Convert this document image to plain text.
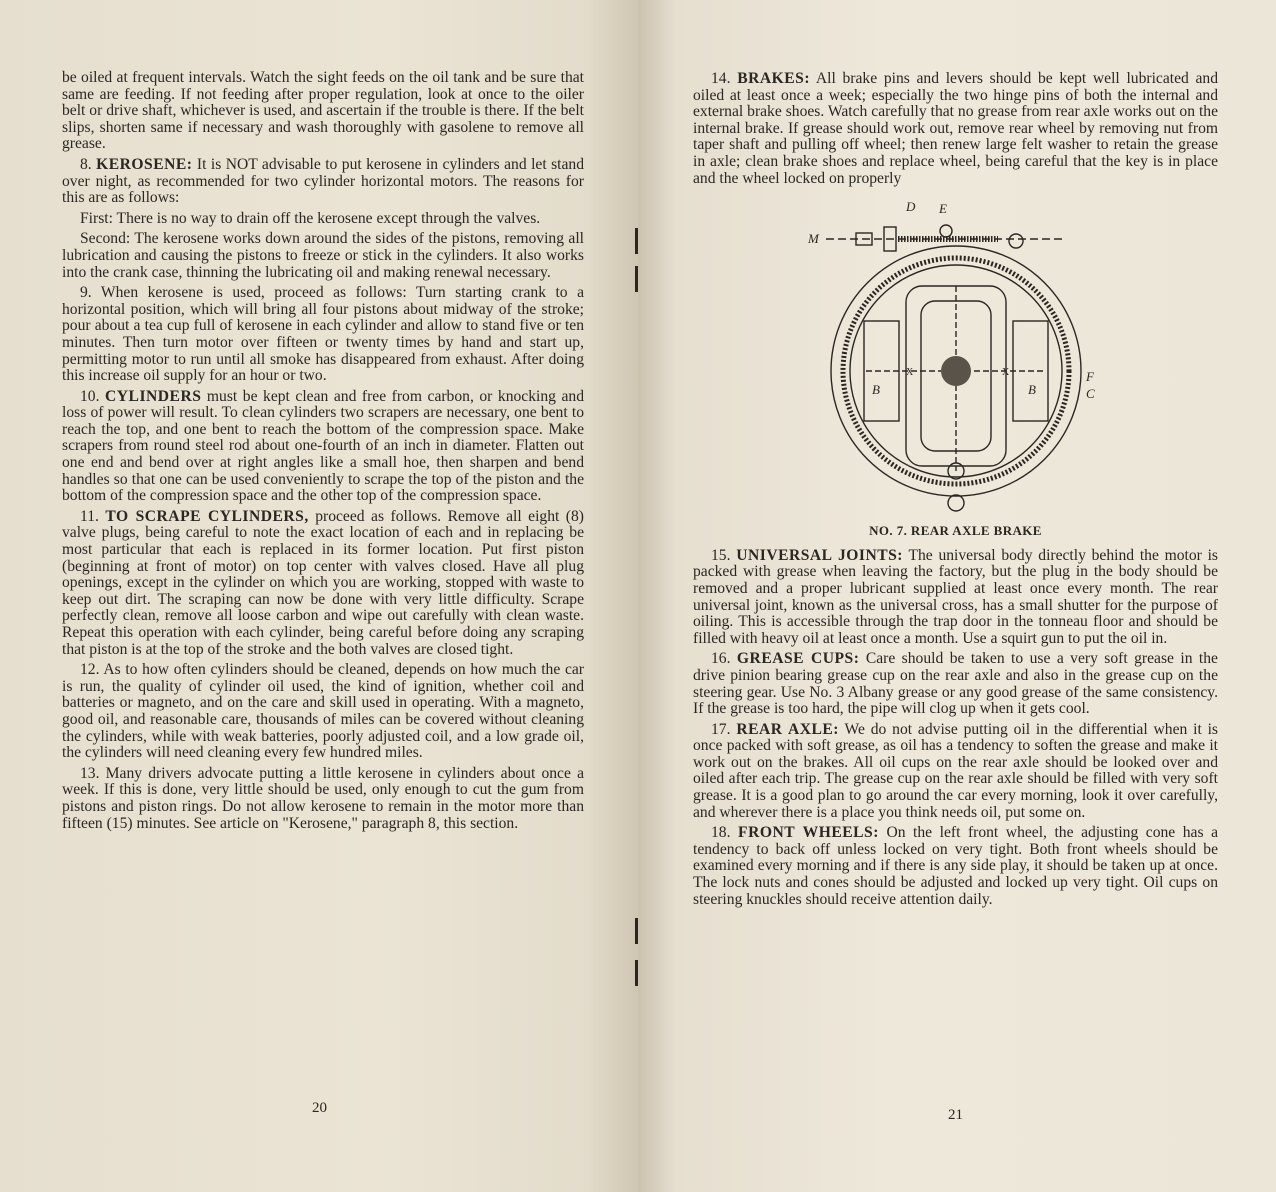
be oiled at frequent intervals. Watch the sight feeds on the oil tank and be sure that same are feeding. If not feeding after proper regulation, look at once to the oiler belt or drive shaft, whichever is used, and ascertain if the trouble is there. If the belt slips, shorten same if necessary and wash thoroughly with gasolene to remove all grease.

8. KEROSENE: It is NOT advisable to put kerosene in cylinders and let stand over night, as recommended for two cylinder horizontal motors. The reasons for this are as follows:

First: There is no way to drain off the kerosene except through the valves.

Second: The kerosene works down around the sides of the pistons, removing all lubrication and causing the pistons to freeze or stick in the cylinders. It also works into the crank case, thinning the lubricating oil and making renewal necessary.

9. When kerosene is used, proceed as follows: Turn starting crank to a horizontal position, which will bring all four pistons about midway of the stroke; pour about a tea cup full of kerosene in each cylinder and allow to stand five or ten minutes. Then turn motor over fifteen or twenty times by hand and start up, permitting motor to run until all smoke has disappeared from exhaust. After doing this increase oil supply for an hour or two.

10. CYLINDERS must be kept clean and free from carbon, or knocking and loss of power will result. To clean cylinders two scrapers are necessary, one bent to reach the top, and one bent to reach the bottom of the compression space. Make scrapers from round steel rod about one-fourth of an inch in diameter. Flatten out one end and bend over at right angles like a small hoe, then sharpen and bend handles so that one can be used conveniently to scrape the top of the piston and the bottom of the compression space and the other top of the compression space.

11. TO SCRAPE CYLINDERS, proceed as follows. Remove all eight (8) valve plugs, being careful to note the exact location of each and in replacing be most particular that each is replaced in its former location. Put first piston (beginning at front of motor) on top center with valves closed. Have all plug openings, except in the cylinder on which you are working, stopped with waste to keep out dirt. The scraping can now be done with very little difficulty. Scrape perfectly clean, remove all loose carbon and wipe out carefully with clean waste. Repeat this operation with each cylinder, being careful before doing any scraping that piston is at the top of the stroke and the both valves are closed tight.

12. As to how often cylinders should be cleaned, depends on how much the car is run, the quality of cylinder oil used, the kind of ignition, whether coil and batteries or magneto, and on the care and skill used in operating. With a magneto, good oil, and reasonable care, thousands of miles can be covered without cleaning the cylinders, while with weak batteries, poorly adjusted coil, and a low grade oil, the cylinders will need cleaning every few hundred miles.

13. Many drivers advocate putting a little kerosene in cylinders about once a week. If this is done, very little should be used, only enough to cut the gum from pistons and piston rings. Do not allow kerosene to remain in the motor more than fifteen (15) minutes. See article on "Kerosene," paragraph 8, this section.

20

14. BRAKES: All brake pins and levers should be kept well lubricated and oiled at least once a week; especially the two hinge pins of both the internal and external brake shoes. Watch carefully that no grease from rear axle works out on the internal brake. If grease should work out, remove rear wheel by removing nut from taper shaft and pulling off wheel; then renew large felt washer to retain the grease in axle; clean brake shoes and replace wheel, being careful that the key is in place and the wheel locked on properly

M
D E
B	B
F
C
X	X
NO. 7. REAR AXLE BRAKE

15. UNIVERSAL JOINTS: The universal body directly behind the motor is packed with grease when leaving the factory, but the plug in the body should be removed and a proper lubricant supplied at least once every month. The rear universal joint, known as the universal cross, has a small shutter for the purpose of oiling. This is accessible through the trap door in the tonneau floor and should be filled with heavy oil at least once a month. Use a squirt gun to put the oil in.

16. GREASE CUPS: Care should be taken to use a very soft grease in the drive pinion bearing grease cup on the rear axle and also in the grease cup on the steering gear. Use No. 3 Albany grease or any good grease of the same consistency. If the grease is too hard, the pipe will clog up when it gets cool.

17. REAR AXLE: We do not advise putting oil in the differential when it is once packed with soft grease, as oil has a tendency to soften the grease and make it work out on the brakes. All oil cups on the rear axle should be looked over and oiled after each trip. The grease cup on the rear axle should be filled with very soft grease. It is a good plan to go around the car every morning, look it over carefully, and wherever there is a place you think needs oil, put some on.

18. FRONT WHEELS: On the left front wheel, the adjusting cone has a tendency to back off unless locked on very tight. Both front wheels should be examined every morning and if there is any side play, it should be taken up at once. The lock nuts and cones should be adjusted and locked up very tight. Oil cups on steering knuckles should receive attention daily.

21
